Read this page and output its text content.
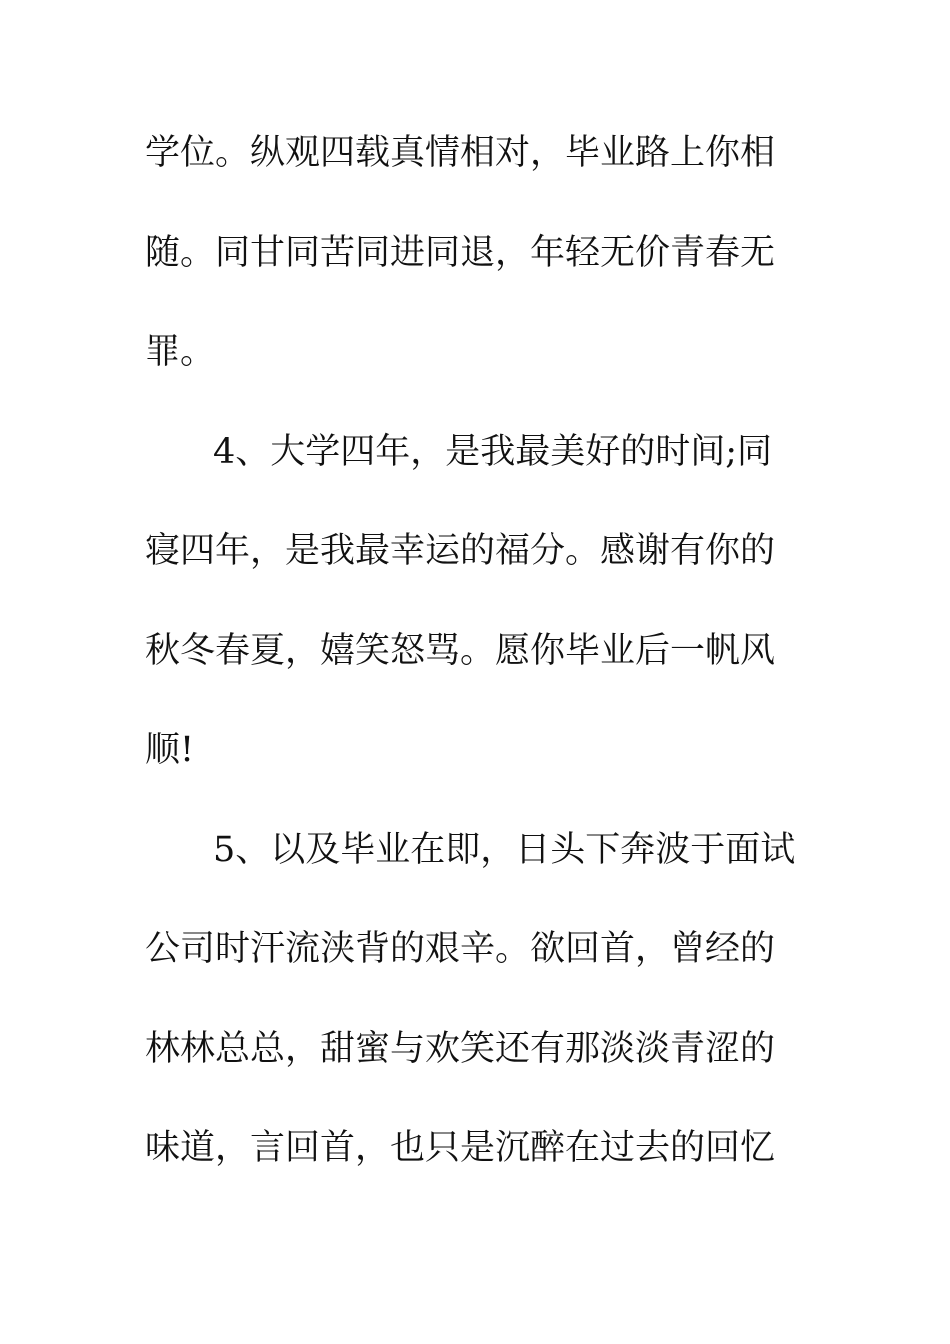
学位。纵观四载真情相对，毕业路上你相
随。同甘同苦同进同退，年轻无价青春无
罪。
4、大学四年，是我最美好的时间;同
寝四年，是我最幸运的福分。感谢有你的
秋冬春夏，嬉笑怒骂。愿你毕业后一帆风
顺!
5、以及毕业在即，日头下奔波于面试
公司时汗流浃背的艰辛。欲回首，曾经的
林林总总，甜蜜与欢笑还有那淡淡青涩的
味道，言回首，也只是沉醉在过去的回忆
